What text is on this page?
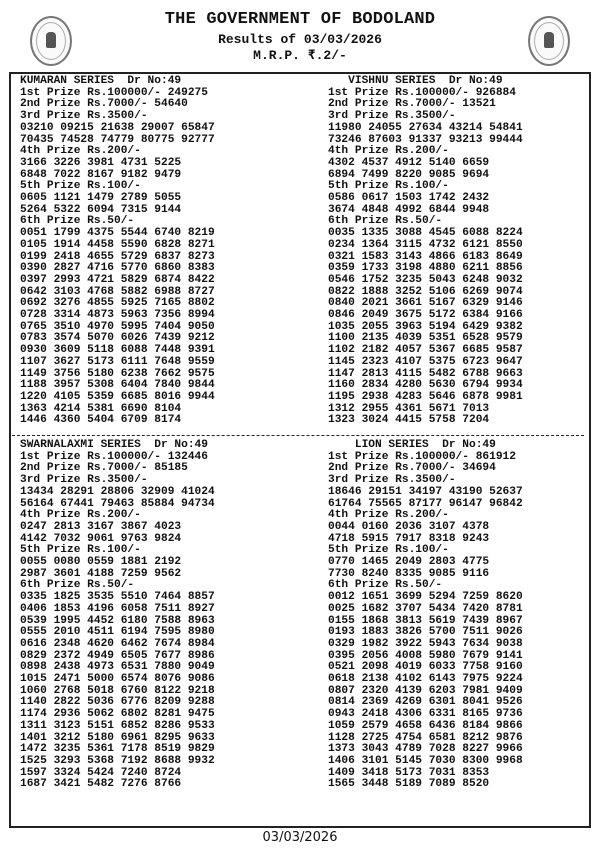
THE GOVERNMENT OF BODOLAND
Results of 03/03/2026
M.R.P. ₹.2/-
KUMARAN SERIES  Dr No:49
1st Prize Rs.100000/- 249275
2nd Prize Rs.7000/- 54640
3rd Prize Rs.3500/-
03210 09215 21638 29007 65847
70435 74528 74779 80775 92777
4th Prize Rs.200/-
3166 3226 3981 4731 5225
6848 7022 8167 9182 9479
5th Prize Rs.100/-
0605 1121 1479 2789 5055
5264 5322 6094 7315 9144
6th Prize Rs.50/-
0051 1799 4375 5544 6740 8219
0105 1914 4458 5590 6828 8271
0199 2418 4655 5729 6837 8273
0390 2827 4716 5770 6860 8383
0397 2993 4721 5829 6874 8422
0642 3103 4768 5882 6988 8727
0692 3276 4855 5925 7165 8802
0728 3314 4873 5963 7356 8994
0765 3510 4970 5995 7404 9050
0783 3574 5070 6026 7439 9212
0930 3609 5118 6088 7448 9391
1107 3627 5173 6111 7648 9559
1149 3756 5180 6238 7662 9575
1188 3957 5308 6404 7840 9844
1220 4105 5359 6685 8016 9944
1363 4214 5381 6690 8104
1446 4360 5404 6709 8174
VISHNU SERIES  Dr No:49
1st Prize Rs.100000/- 926884
2nd Prize Rs.7000/- 13521
3rd Prize Rs.3500/-
11980 24055 27634 43214 54841
73246 87603 91337 93213 99444
4th Prize Rs.200/-
4302 4537 4912 5140 6659
6894 7499 8220 9085 9694
5th Prize Rs.100/-
0586 0617 1503 1742 2432
3674 4848 4992 6844 9948
6th Prize Rs.50/-
0035 1335 3088 4545 6088 8224
0234 1364 3115 4732 6121 8550
0321 1583 3143 4866 6183 8649
0359 1733 3198 4880 6211 8856
0546 1752 3235 5043 6248 9032
0822 1888 3252 5106 6269 9074
0840 2021 3661 5167 6329 9146
0846 2049 3675 5172 6384 9166
1035 2055 3963 5194 6429 9382
1100 2135 4039 5351 6528 9579
1102 2182 4057 5367 6685 9587
1145 2323 4107 5375 6723 9647
1147 2813 4115 5482 6788 9663
1160 2834 4280 5630 6794 9934
1195 2938 4283 5646 6878 9981
1312 2955 4361 5671 7013
1323 3024 4415 5758 7204
SWARNALAXMI SERIES  Dr No:49
1st Prize Rs.100000/- 132446
2nd Prize Rs.7000/- 85185
3rd Prize Rs.3500/-
13434 28291 28806 32909 41024
56164 67441 79463 85884 94734
4th Prize Rs.200/-
0247 2813 3167 3867 4023
4142 7032 9061 9763 9824
5th Prize Rs.100/-
0055 0080 0559 1881 2192
2987 3601 4188 7259 9562
6th Prize Rs.50/-
0335 1825 3535 5510 7464 8857
0406 1853 4196 6058 7511 8927
0539 1995 4452 6180 7588 8963
0555 2010 4511 6194 7595 8980
0616 2348 4620 6462 7674 8984
0829 2372 4949 6505 7677 8986
0898 2438 4973 6531 7880 9049
1015 2471 5000 6574 8076 9086
1060 2768 5018 6760 8122 9218
1140 2822 5036 6776 8209 9288
1174 2936 5062 6802 8281 9475
1311 3123 5151 6852 8286 9533
1401 3212 5180 6961 8295 9633
1472 3235 5361 7178 8519 9829
1525 3293 5368 7192 8688 9932
1597 3324 5424 7240 8724
1687 3421 5482 7276 8766
LION SERIES  Dr No:49
1st Prize Rs.100000/- 861912
2nd Prize Rs.7000/- 34694
3rd Prize Rs.3500/-
18646 29151 34197 43190 52637
61764 75565 87177 96147 96842
4th Prize Rs.200/-
0044 0160 2036 3107 4378
4718 5915 7917 8318 9243
5th Prize Rs.100/-
0770 1465 2049 2803 4775
7730 8240 8335 9085 9116
6th Prize Rs.50/-
0012 1651 3699 5294 7259 8620
0025 1682 3707 5434 7420 8781
0155 1868 3813 5619 7439 8967
0193 1883 3826 5700 7511 9026
0329 1982 3922 5943 7634 9038
0395 2056 4008 5980 7679 9141
0521 2098 4019 6033 7758 9160
0618 2138 4102 6143 7975 9224
0807 2320 4139 6203 7981 9409
0814 2369 4269 6301 8041 9526
0943 2418 4306 6331 8165 9736
1059 2579 4658 6436 8184 9866
1128 2725 4754 6581 8212 9876
1373 3043 4789 7028 8227 9966
1406 3101 5145 7030 8300 9968
1409 3418 5173 7031 8353
1565 3448 5189 7089 8520
03/03/2026
